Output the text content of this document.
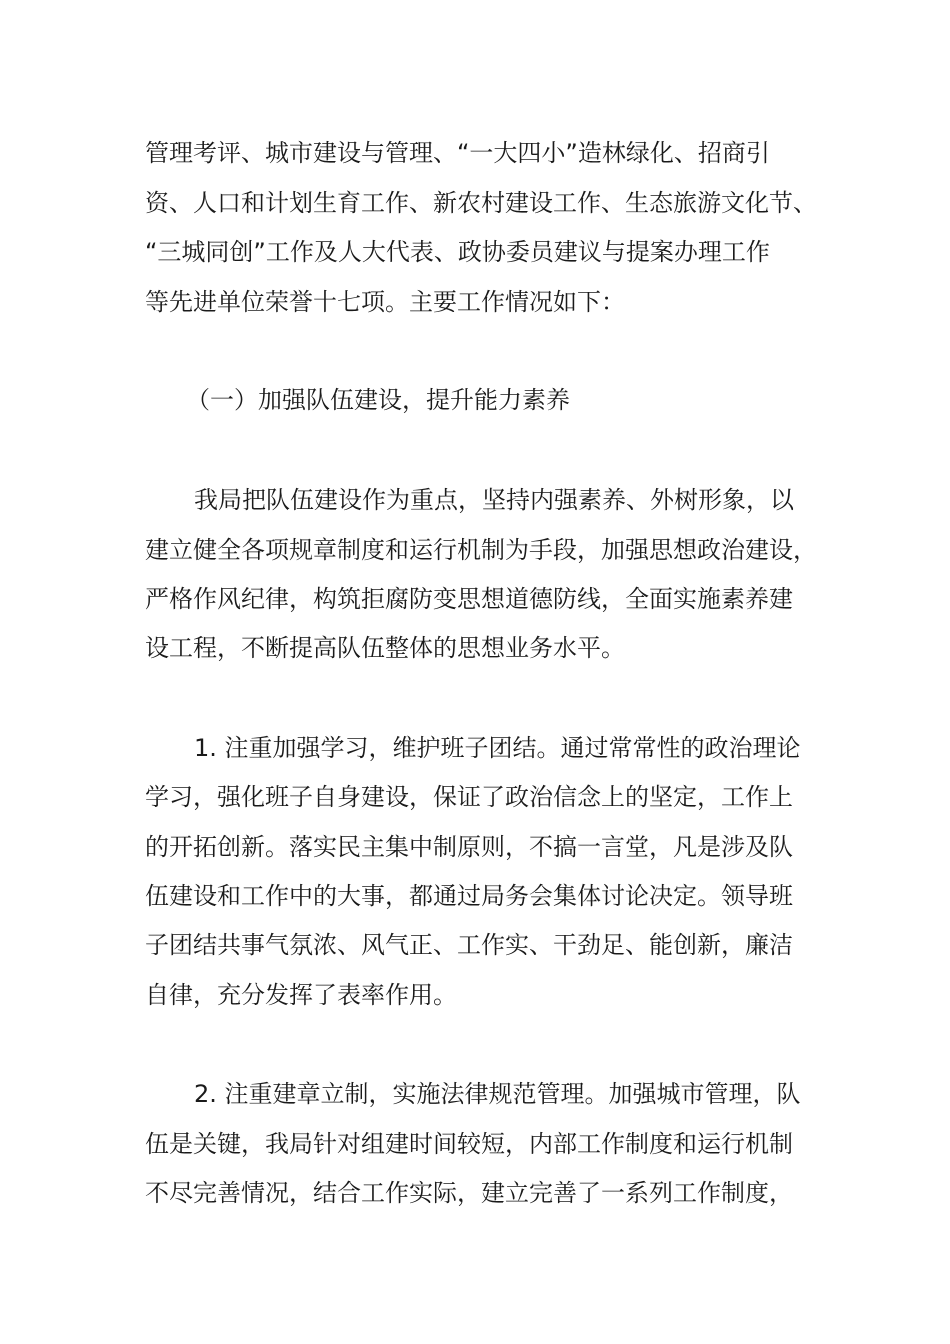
管理考评、城市建设与管理、“一大四小”造林绿化、招商引
资、人口和计划生育工作、新农村建设工作、生态旅游文化节、
“三城同创”工作及人大代表、政协委员建议与提案办理工作
等先进单位荣誉十七项。主要工作情况如下：
（一）加强队伍建设，提升能力素养
我局把队伍建设作为重点，坚持内强素养、外树形象，以
建立健全各项规章制度和运行机制为手段，加强思想政治建设，
严格作风纪律，构筑拒腐防变思想道德防线，全面实施素养建
设工程，不断提高队伍整体的思想业务水平。
1. 注重加强学习，维护班子团结。通过常常性的政治理论
学习，强化班子自身建设，保证了政治信念上的坚定，工作上
的开拓创新。落实民主集中制原则，不搞一言堂，凡是涉及队
伍建设和工作中的大事，都通过局务会集体讨论决定。领导班
子团结共事气氛浓、风气正、工作实、干劲足、能创新，廉洁
自律，充分发挥了表率作用。
2. 注重建章立制，实施法律规范管理。加强城市管理，队
伍是关键，我局针对组建时间较短，内部工作制度和运行机制
不尽完善情况，结合工作实际，建立完善了一系列工作制度，
